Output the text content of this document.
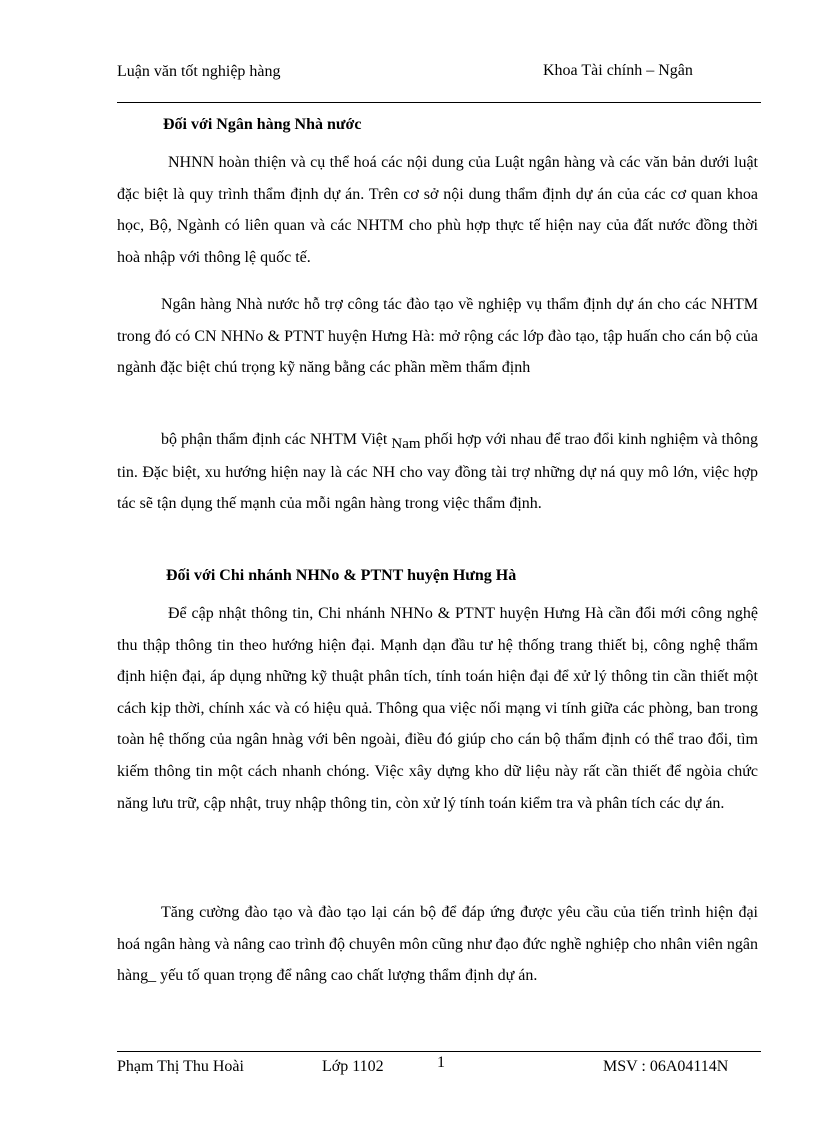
Luận văn tốt nghiệp hàng	Khoa Tài chính – Ngân
Đối với Ngân hàng Nhà nước

NHNN hoàn thiện và cụ thể hoá các nội dung của Luật ngân hàng và các văn bản dưới luật đặc biệt là quy trình thẩm định dự án. Trên cơ sở nội dung thẩm định dự án của các cơ quan khoa học, Bộ, Ngành có liên quan và các NHTM cho phù hợp thực tế hiện nay của đất nước đồng thời hoà nhập với thông lệ quốc tế.

Ngân hàng Nhà nước hỗ trợ công tác đào tạo về nghiệp vụ thẩm định dự án cho các NHTM trong đó có CN NHNo & PTNT huyện Hưng Hà: mở rộng các lớp đào tạo, tập huấn cho cán bộ của ngành đặc biệt chú trọng kỹ năng bằng các phần mềm thẩm định

bộ phận thẩm định các NHTM Việt Nam phối hợp với nhau để trao đổi kinh nghiệm và thông tin. Đặc biệt, xu hướng hiện nay là các NH cho vay đồng tài trợ những dự ná quy mô lớn, việc hợp tác sẽ tận dụng thế mạnh của mỗi ngân hàng trong việc thẩm định.

Đối với Chi nhánh NHNo & PTNT huyện Hưng Hà

Để cập nhật thông tin, Chi nhánh NHNo & PTNT huyện Hưng Hà cần đổi mới công nghệ thu thập thông tin theo hướng hiện đại. Mạnh dạn đầu tư hệ thống trang thiết bị, công nghệ thẩm định hiện đại, áp dụng những kỹ thuật phân tích, tính toán hiện đại để xử lý thông tin cần thiết một cách kịp thời, chính xác và có hiệu quả. Thông qua việc nối mạng vi tính giữa các phòng, ban trong toàn hệ thống của ngân hnàg với bên ngoài, điều đó giúp cho cán bộ thẩm định có thể trao đổi, tìm kiếm thông tin một cách nhanh chóng. Việc xây dựng kho dữ liệu này rất cần thiết để ngòia chức năng lưu trữ, cập nhật, truy nhập thông tin, còn xử lý tính toán kiểm tra và phân tích các dự án.

Tăng cường đào tạo và đào tạo lại cán bộ để đáp ứng được yêu cầu của tiến trình hiện đại hoá ngân hàng và nâng cao trình độ chuyên môn cũng như đạo đức nghề nghiệp cho nhân viên ngân hàng_ yếu tố quan trọng để nâng cao chất lượng thẩm định dự án.

Phạm Thị Thu Hoài	Lớp 1102	1	MSV : 06A04114N
